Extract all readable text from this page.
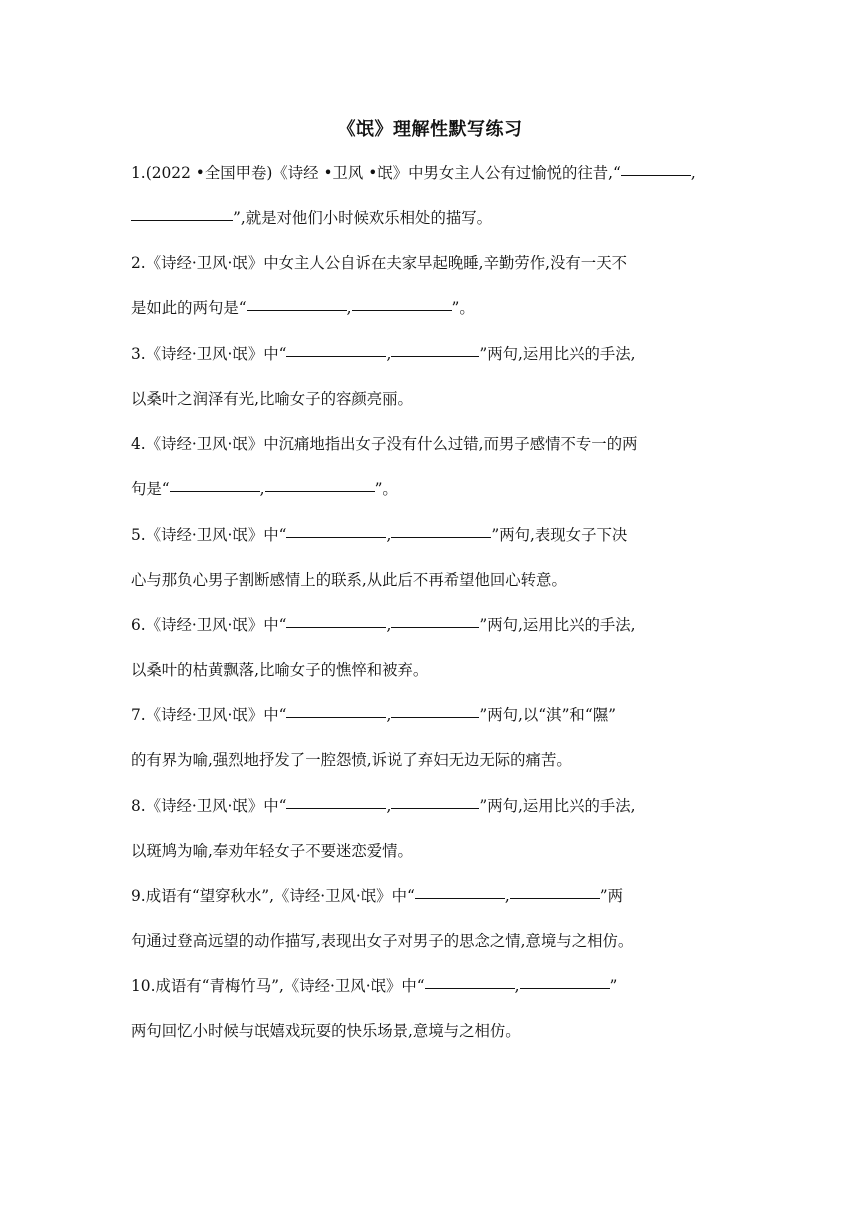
《氓》理解性默写练习
1.(2022 •全国甲卷)《诗经 •卫风 •氓》中男女主人公有过愉悦的往昔,“	,
”,就是对他们小时候欢乐相处的描写。
2.《诗经·卫风·氓》中女主人公自诉在夫家早起晚睡,辛勤劳作,没有一天不
是如此的两句是“	,	”。
3.《诗经·卫风·氓》中“	,	”两句,运用比兴的手法,
以桑叶之润泽有光,比喻女子的容颜亮丽。
4.《诗经·卫风·氓》中沉痛地指出女子没有什么过错,而男子感情不专一的两
句是“	,	”。
5.《诗经·卫风·氓》中“	,	”两句,表现女子下决
心与那负心男子割断感情上的联系,从此后不再希望他回心转意。
6.《诗经·卫风·氓》中“	,	”两句,运用比兴的手法,
以桑叶的枯黄飘落,比喻女子的憔悴和被弃。
7.《诗经·卫风·氓》中“	,	”两句,以“淇”和“隰”
的有界为喻,强烈地抒发了一腔怨愤,诉说了弃妇无边无际的痛苦。
8.《诗经·卫风·氓》中“	,	”两句,运用比兴的手法,
以斑鸠为喻,奉劝年轻女子不要迷恋爱情。
9.成语有“望穿秋水”,《诗经·卫风·氓》中“	,	”两
句通过登高远望的动作描写,表现出女子对男子的思念之情,意境与之相仿。
10.成语有“青梅竹马”,《诗经·卫风·氓》中“	,	”
两句回忆小时候与氓嬉戏玩耍的快乐场景,意境与之相仿。
